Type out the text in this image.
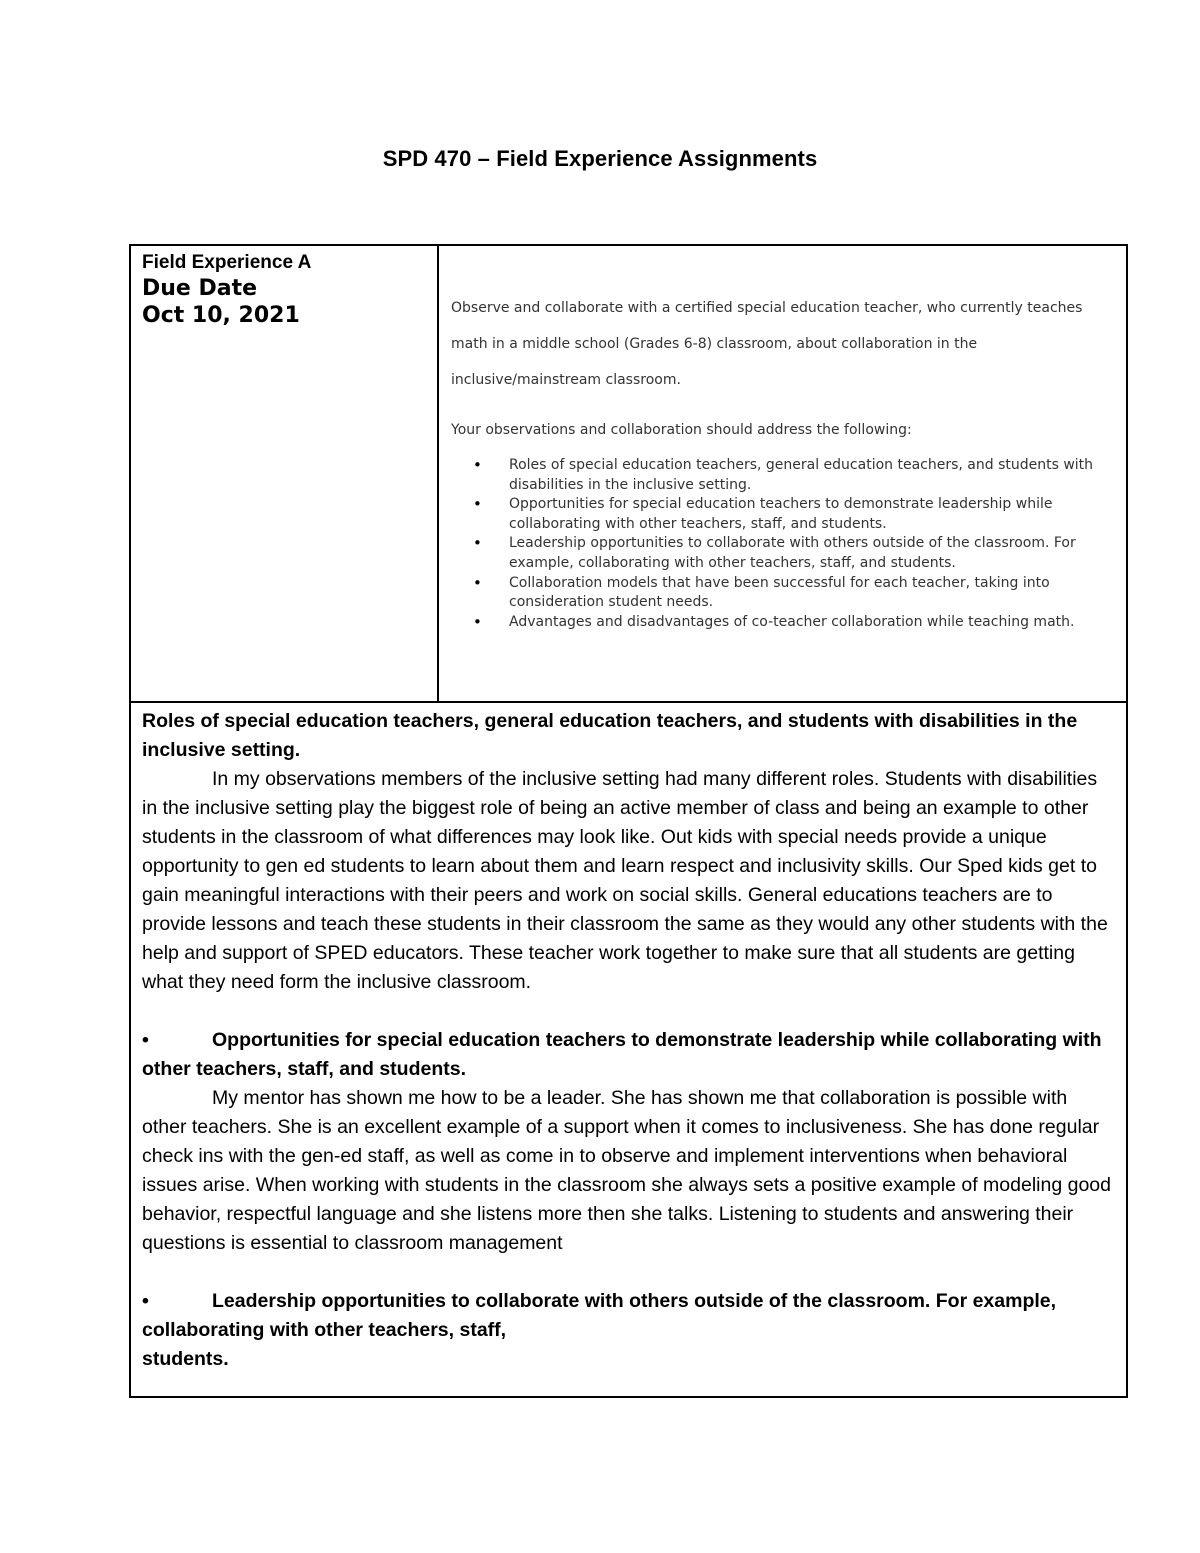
SPD 470 – Field Experience Assignments
Field Experience A
Due Date
Oct 10, 2021	Observe and collaborate with a certified special education teacher, who currently teaches math in a middle school (Grades 6-8) classroom, about collaboration in the inclusive/mainstream classroom.

Your observations and collaboration should address the following:

• Roles of special education teachers, general education teachers, and students with disabilities in the inclusive setting.
• Opportunities for special education teachers to demonstrate leadership while collaborating with other teachers, staff, and students.
• Leadership opportunities to collaborate with others outside of the classroom. For example, collaborating with other teachers, staff, and students.
• Collaboration models that have been successful for each teacher, taking into consideration student needs.
• Advantages and disadvantages of co-teacher collaboration while teaching math.

Roles of special education teachers, general education teachers, and students with disabilities in the inclusive setting.

In my observations members of the inclusive setting had many different roles. Students with disabilities in the inclusive setting play the biggest role of being an active member of class and being an example to other students in the classroom of what differences may look like. Out kids with special needs provide a unique opportunity to gen ed students to learn about them and learn respect and inclusivity skills. Our Sped kids get to gain meaningful interactions with their peers and work on social skills. General educations teachers are to provide lessons and teach these students in their classroom the same as they would any other students with the help and support of SPED educators. These teacher work together to make sure that all students are getting what they need form the inclusive classroom.

•	Opportunities for special education teachers to demonstrate leadership while collaborating with other teachers, staff, and students.

My mentor has shown me how to be a leader. She has shown me that collaboration is possible with other teachers. She is an excellent example of a support when it comes to inclusiveness. She has done regular check ins with the gen-ed staff, as well as come in to observe and implement interventions when behavioral issues arise. When working with students in the classroom she always sets a positive example of modeling good behavior, respectful language and she listens more then she talks. Listening to students and answering their questions is essential to classroom management

•	Leadership opportunities to collaborate with others outside of the classroom. For example, collaborating with other teachers, staff,

students.
